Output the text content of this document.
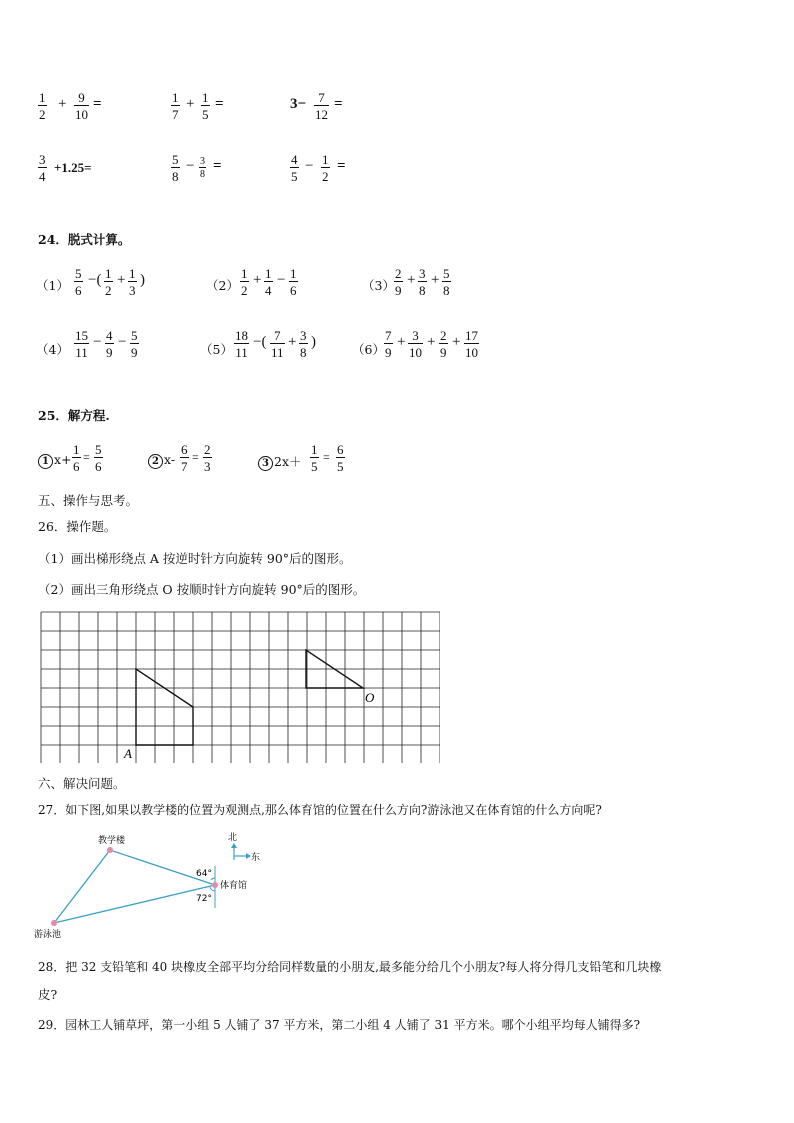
$\frac{1}{2} + \frac{9}{10}$ =	$\frac{1}{7} + \frac{1}{5}$ =	$3- \frac{7}{12}$ =
$\frac{3}{4} +1.25=$	$\frac{5}{8} - \frac{3}{8}$ =	$\frac{4}{5} - \frac{1}{2}$ =
24．脱式计算。
$(1) \frac{5}{6}$ −( $\frac{1}{2} + \frac{1}{3}$ )	$(2) \frac{1}{2} + \frac{1}{4} - \frac{1}{6}$	$(3) \frac{2}{9} + \frac{3}{8} + \frac{5}{8}$
$(4) \frac{15}{11} - \frac{4}{9} - \frac{5}{9}$	$(5) \frac{18}{11}$ −( $\frac{7}{11} + \frac{3}{8}$ )	$(6) \frac{7}{9} + \frac{3}{10} + \frac{2}{9} + \frac{17}{10}$
25．解方程.
1 $x+ \frac{1}{6} = \frac{5}{6}$	2 $x- \frac{6}{7} = \frac{2}{3}$	3 $2x+ \frac{1}{5} = \frac{6}{5}$
五、操作与思考。
26．操作题。
（1）画出梯形绕点 A 按逆时针方向旋转 90°后的图形。
（2）画出三角形绕点 O 按顺时针方向旋转 90°后的图形。
A
O
六、解决问题。
27．如下图,如果以教学楼的位置为观测点,那么体育馆的位置在什么方向?游泳池又在体育馆的什么方向呢?
北
东
教学楼
体育馆
游泳池
64°
72°
28．把 32 支铅笔和 40 块橡皮全部平均分给同样数量的小朋友,最多能分给几个小朋友?每人将分得几支铅笔和几块橡
皮?
29．园林工人铺草坪，第一小组 5 人铺了 37 平方米，第二小组 4 人铺了 31 平方米。哪个小组平均每人铺得多?
